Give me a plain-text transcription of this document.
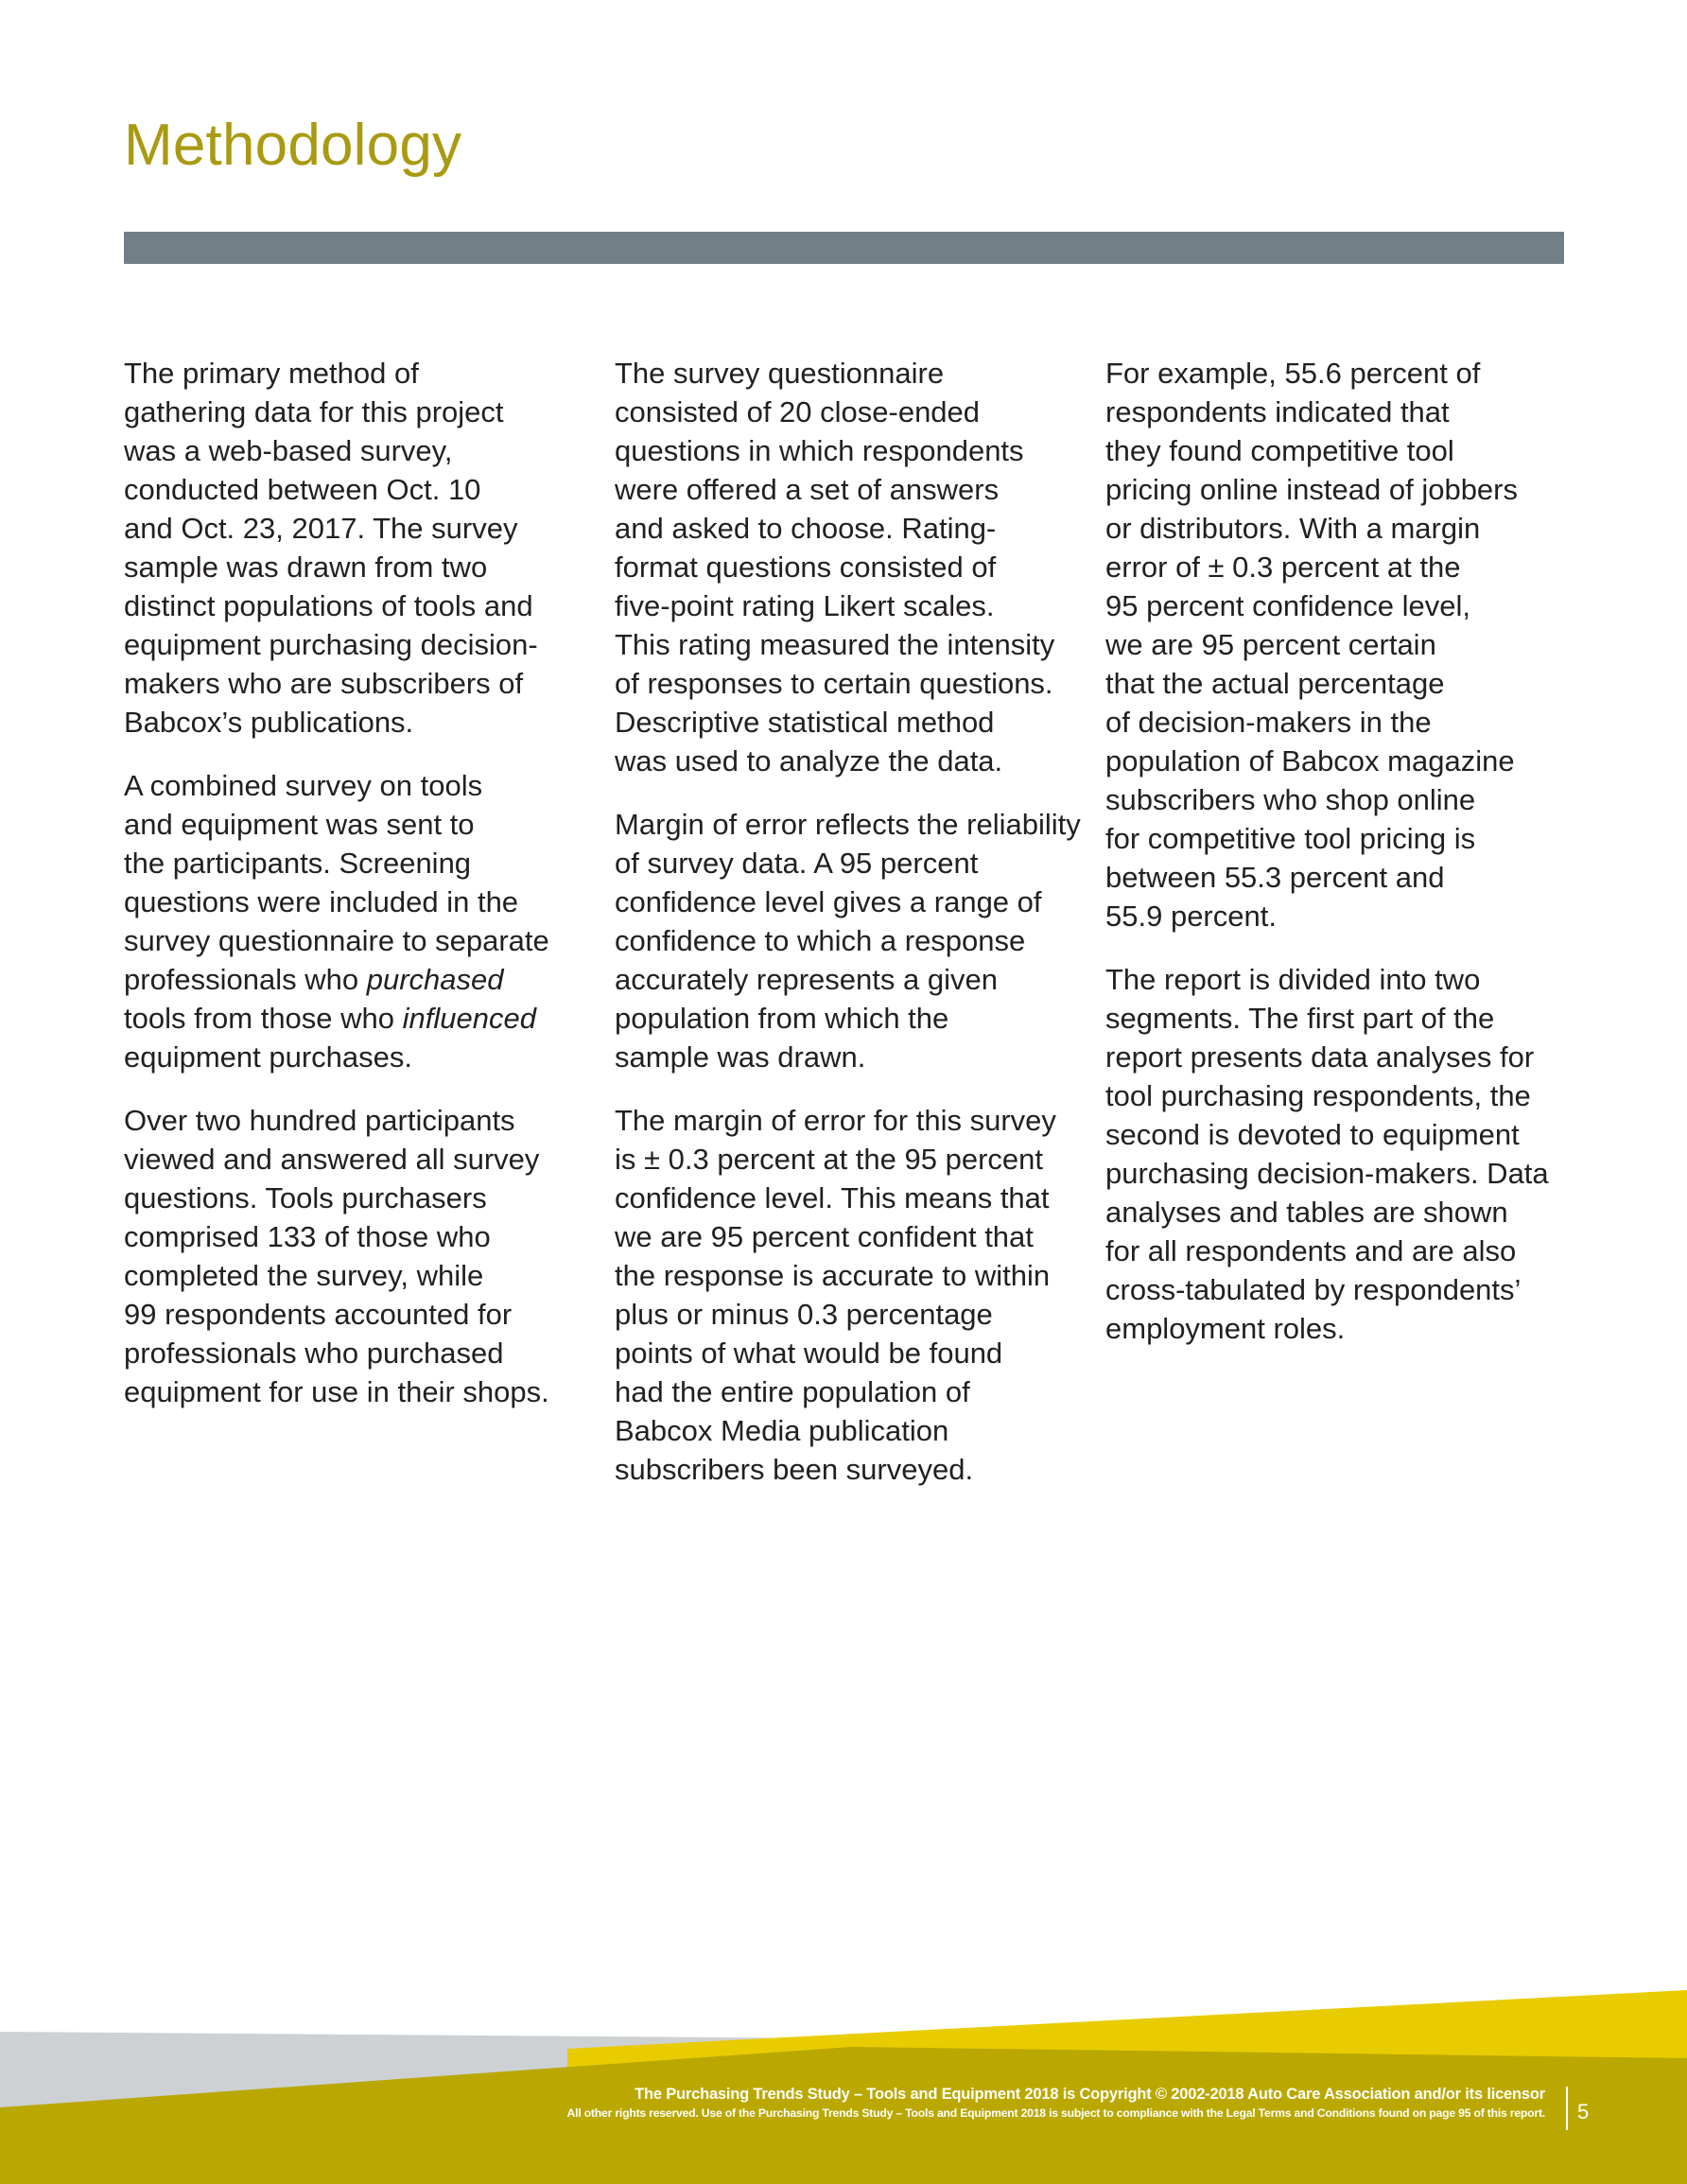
Methodology

The primary method of
gathering data for this project
was a web-based survey,
conducted between Oct. 10
and Oct. 23, 2017. The survey
sample was drawn from two
distinct populations of tools and
equipment purchasing decision-
makers who are subscribers of
Babcox’s publications.

A combined survey on tools
and equipment was sent to
the participants. Screening
questions were included in the
survey questionnaire to separate
professionals who purchased
tools from those who influenced
equipment purchases.

Over two hundred participants
viewed and answered all survey
questions. Tools purchasers
comprised 133 of those who
completed the survey, while
99 respondents accounted for
professionals who purchased
equipment for use in their shops.

The survey questionnaire
consisted of 20 close-ended
questions in which respondents
were offered a set of answers
and asked to choose. Rating-
format questions consisted of
five-point rating Likert scales.
This rating measured the intensity
of responses to certain questions.
Descriptive statistical method
was used to analyze the data.

Margin of error reflects the reliability
of survey data. A 95 percent
confidence level gives a range of
confidence to which a response
accurately represents a given
population from which the
sample was drawn.

The margin of error for this survey
is ± 0.3 percent at the 95 percent
confidence level. This means that
we are 95 percent confident that
the response is accurate to within
plus or minus 0.3 percentage
points of what would be found
had the entire population of
Babcox Media publication
subscribers been surveyed.

For example, 55.6 percent of
respondents indicated that
they found competitive tool
pricing online instead of jobbers
or distributors. With a margin
error of ± 0.3 percent at the
95 percent confidence level,
we are 95 percent certain
that the actual percentage
of decision-makers in the
population of Babcox magazine
subscribers who shop online
for competitive tool pricing is
between 55.3 percent and
55.9 percent.

The report is divided into two
segments. The first part of the
report presents data analyses for
tool purchasing respondents, the
second is devoted to equipment
purchasing decision-makers. Data
analyses and tables are shown
for all respondents and are also
cross-tabulated by respondents’
employment roles.

The Purchasing Trends Study – Tools and Equipment 2018 is Copyright © 2002-2018 Auto Care Association and/or its licensor
All other rights reserved. Use of the Purchasing Trends Study – Tools and Equipment 2018 is subject to compliance with the Legal Terms and Conditions found on page 95 of this report. 5
